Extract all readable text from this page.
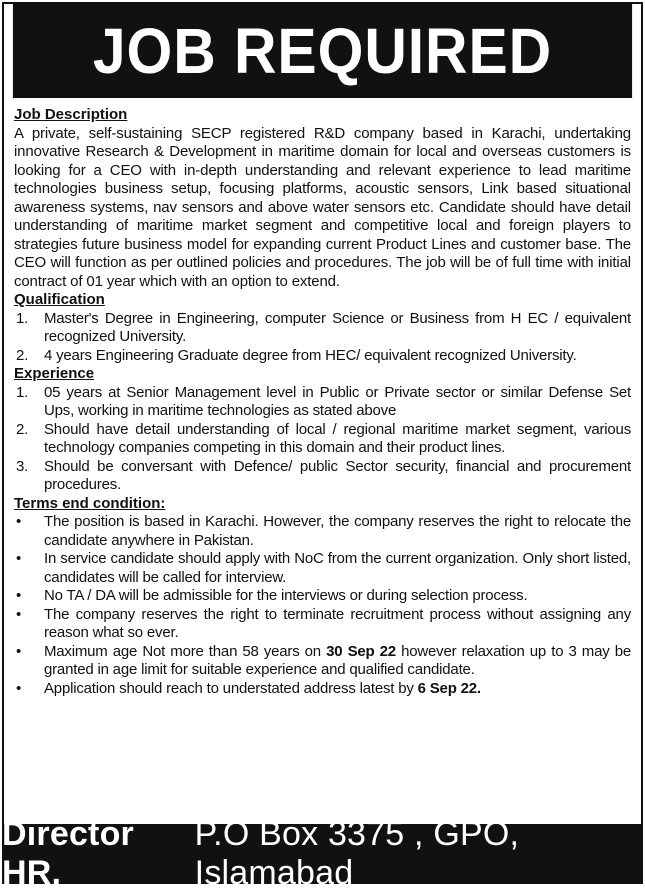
JOB REQUIRED

Job Description

A private, self-sustaining SECP registered R&D company based in Karachi, undertaking innovative Research & Development in maritime domain for local and overseas customers is looking for a CEO with in-depth understanding and relevant experience to lead maritime technologies business setup, focusing platforms, acoustic sensors, Link based situational awareness systems, nav sensors and above water sensors etc. Candidate should have detail understanding of maritime market segment and competitive local and foreign players to strategies future business model for expanding current Product Lines and customer base. The CEO will function as per outlined policies and procedures. The job will be of full time with initial contract of 01 year which with an option to extend.

Qualification

1. Master's Degree in Engineering, computer Science or Business from H EC / equivalent recognized University.
2. 4 years Engineering Graduate degree from HEC/ equivalent recognized University.

Experience

1. 05 years at Senior Management level in Public or Private sector or similar Defense Set Ups, working in maritime technologies as stated above
2. Should have detail understanding of local / regional maritime market segment, various technology companies competing in this domain and their product lines.
3. Should be conversant with Defence/ public Sector security, financial and procurement procedures.

Terms end condition:

• The position is based in Karachi. However, the company reserves the right to relocate the candidate anywhere in Pakistan.
• In service candidate should apply with NoC from the current organization. Only short listed, candidates will be called for interview.
• No TA / DA will be admissible for the interviews or during selection process.
• The company reserves the right to terminate recruitment process without assigning any reason what so ever.
• Maximum age Not more than 58 years on 30 Sep 22 however relaxation up to 3 may be granted in age limit for suitable experience and qualified candidate.
• Application should reach to understated address latest by 6 Sep 22.
Director HR,
P.O Box 3375 , GPO, Islamabad
